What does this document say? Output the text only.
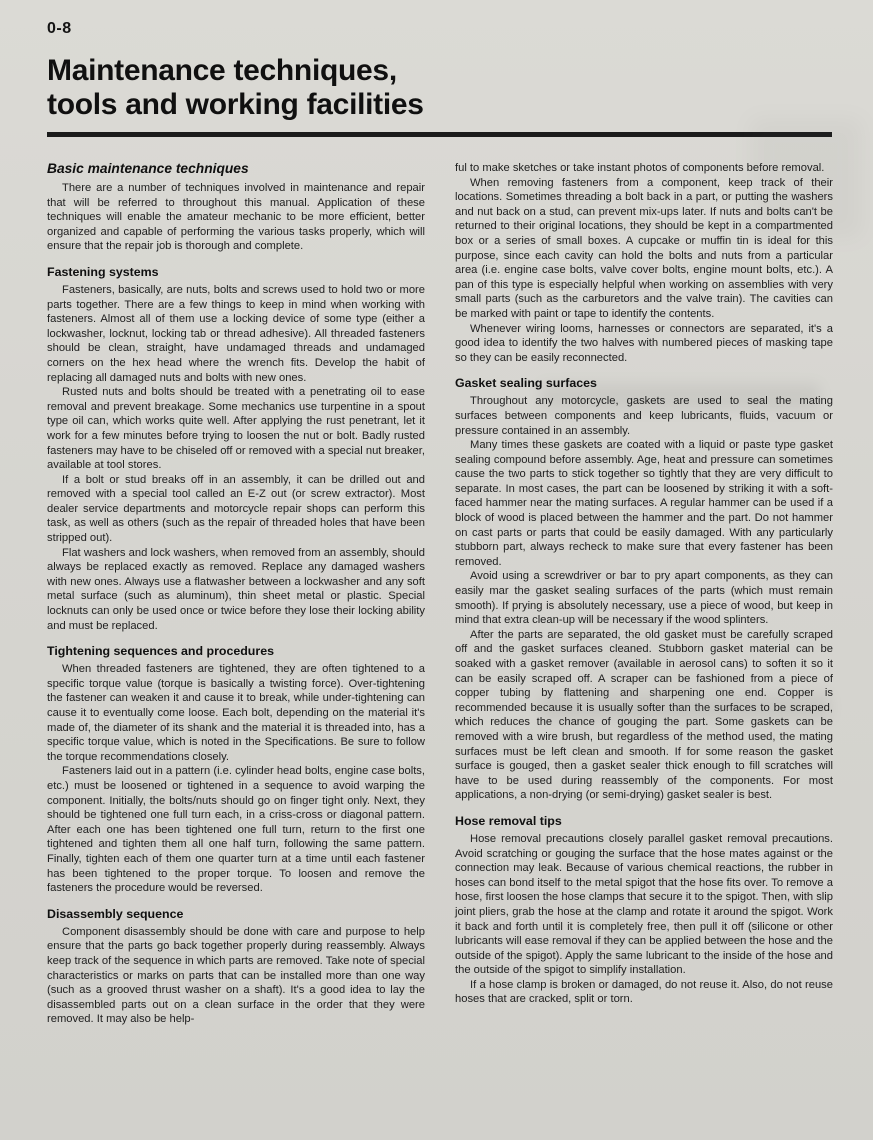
0-8
Maintenance techniques,
tools and working facilities
Basic maintenance techniques

There are a number of techniques involved in maintenance and repair that will be referred to throughout this manual. Application of these techniques will enable the amateur mechanic to be more efficient, better organized and capable of performing the various tasks properly, which will ensure that the repair job is thorough and complete.

Fastening systems

Fasteners, basically, are nuts, bolts and screws used to hold two or more parts together. There are a few things to keep in mind when working with fasteners. Almost all of them use a locking device of some type (either a lockwasher, locknut, locking tab or thread adhesive). All threaded fasteners should be clean, straight, have undamaged threads and undamaged corners on the hex head where the wrench fits. Develop the habit of replacing all damaged nuts and bolts with new ones.

Rusted nuts and bolts should be treated with a penetrating oil to ease removal and prevent breakage. Some mechanics use turpentine in a spout type oil can, which works quite well. After applying the rust penetrant, let it work for a few minutes before trying to loosen the nut or bolt. Badly rusted fasteners may have to be chiseled off or removed with a special nut breaker, available at tool stores.

If a bolt or stud breaks off in an assembly, it can be drilled out and removed with a special tool called an E-Z out (or screw extractor). Most dealer service departments and motorcycle repair shops can perform this task, as well as others (such as the repair of threaded holes that have been stripped out).

Flat washers and lock washers, when removed from an assembly, should always be replaced exactly as removed. Replace any damaged washers with new ones. Always use a flatwasher between a lockwasher and any soft metal surface (such as aluminum), thin sheet metal or plastic. Special locknuts can only be used once or twice before they lose their locking ability and must be replaced.

Tightening sequences and procedures

When threaded fasteners are tightened, they are often tightened to a specific torque value (torque is basically a twisting force). Over-tightening the fastener can weaken it and cause it to break, while under-tightening can cause it to eventually come loose. Each bolt, depending on the material it's made of, the diameter of its shank and the material it is threaded into, has a specific torque value, which is noted in the Specifications. Be sure to follow the torque recommendations closely.

Fasteners laid out in a pattern (i.e. cylinder head bolts, engine case bolts, etc.) must be loosened or tightened in a sequence to avoid warping the component. Initially, the bolts/nuts should go on finger tight only. Next, they should be tightened one full turn each, in a criss-cross or diagonal pattern. After each one has been tightened one full turn, return to the first one tightened and tighten them all one half turn, following the same pattern. Finally, tighten each of them one quarter turn at a time until each fastener has been tightened to the proper torque. To loosen and remove the fasteners the procedure would be reversed.

Disassembly sequence

Component disassembly should be done with care and purpose to help ensure that the parts go back together properly during reassembly. Always keep track of the sequence in which parts are removed. Take note of special characteristics or marks on parts that can be installed more than one way (such as a grooved thrust washer on a shaft). It's a good idea to lay the disassembled parts out on a clean surface in the order that they were removed. It may also be help-

ful to make sketches or take instant photos of components before removal.

When removing fasteners from a component, keep track of their locations. Sometimes threading a bolt back in a part, or putting the washers and nut back on a stud, can prevent mix-ups later. If nuts and bolts can't be returned to their original locations, they should be kept in a compartmented box or a series of small boxes. A cupcake or muffin tin is ideal for this purpose, since each cavity can hold the bolts and nuts from a particular area (i.e. engine case bolts, valve cover bolts, engine mount bolts, etc.). A pan of this type is especially helpful when working on assemblies with very small parts (such as the carburetors and the valve train). The cavities can be marked with paint or tape to identify the contents.

Whenever wiring looms, harnesses or connectors are separated, it's a good idea to identify the two halves with numbered pieces of masking tape so they can be easily reconnected.

Gasket sealing surfaces

Throughout any motorcycle, gaskets are used to seal the mating surfaces between components and keep lubricants, fluids, vacuum or pressure contained in an assembly.

Many times these gaskets are coated with a liquid or paste type gasket sealing compound before assembly. Age, heat and pressure can sometimes cause the two parts to stick together so tightly that they are very difficult to separate. In most cases, the part can be loosened by striking it with a soft-faced hammer near the mating surfaces. A regular hammer can be used if a block of wood is placed between the hammer and the part. Do not hammer on cast parts or parts that could be easily damaged. With any particularly stubborn part, always recheck to make sure that every fastener has been removed.

Avoid using a screwdriver or bar to pry apart components, as they can easily mar the gasket sealing surfaces of the parts (which must remain smooth). If prying is absolutely necessary, use a piece of wood, but keep in mind that extra clean-up will be necessary if the wood splinters.

After the parts are separated, the old gasket must be carefully scraped off and the gasket surfaces cleaned. Stubborn gasket material can be soaked with a gasket remover (available in aerosol cans) to soften it so it can be easily scraped off. A scraper can be fashioned from a piece of copper tubing by flattening and sharpening one end. Copper is recommended because it is usually softer than the surfaces to be scraped, which reduces the chance of gouging the part. Some gaskets can be removed with a wire brush, but regardless of the method used, the mating surfaces must be left clean and smooth. If for some reason the gasket surface is gouged, then a gasket sealer thick enough to fill scratches will have to be used during reassembly of the components. For most applications, a non-drying (or semi-drying) gasket sealer is best.

Hose removal tips

Hose removal precautions closely parallel gasket removal precautions. Avoid scratching or gouging the surface that the hose mates against or the connection may leak. Because of various chemical reactions, the rubber in hoses can bond itself to the metal spigot that the hose fits over. To remove a hose, first loosen the hose clamps that secure it to the spigot. Then, with slip joint pliers, grab the hose at the clamp and rotate it around the spigot. Work it back and forth until it is completely free, then pull it off (silicone or other lubricants will ease removal if they can be applied between the hose and the outside of the spigot). Apply the same lubricant to the inside of the hose and the outside of the spigot to simplify installation.

If a hose clamp is broken or damaged, do not reuse it. Also, do not reuse hoses that are cracked, split or torn.
